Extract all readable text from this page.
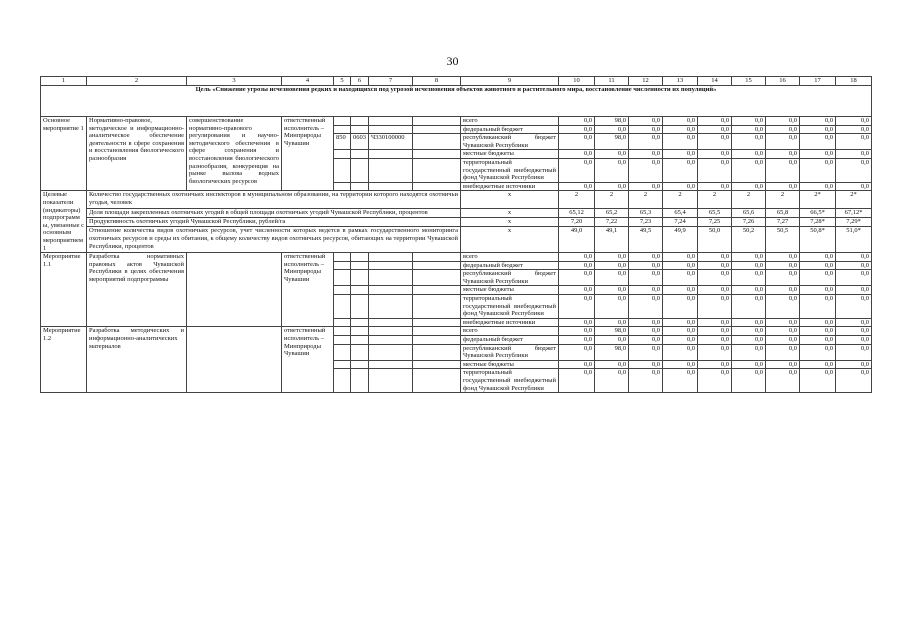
30
1	2	3	4	5	6	7	8	9	10	11	12	13	14	15	16	17	18
Цель «Снижение угрозы исчезновения редких и находящихся под угрозой исчезновения объектов животного и растительного мира, восстановление численности их популяций»																	
Основное мероприятие 1	Нормативно-правовое, методическое и информационно-аналитическое обеспечение деятельности в сфере сохранения и восстановления биологического разнообразия	совершенствование нормативно-правового регулирования и научно-методического обеспечения в сфере сохранения и восстановления биологического разнообразия, конкуренция на рынке вылова водных биологических ресурсов	ответственный исполнитель – Минприроды Чувашии					всего	0,0	98,0	0,0	0,0	0,0	0,0	0,0	0,0	0,0
								федеральный бюджет	0,0	0,0	0,0	0,0	0,0	0,0	0,0	0,0	0,0
				850	0603	Ч330100000		республиканский бюджет Чувашской Республики	0,0	98,0	0,0	0,0	0,0	0,0	0,0	0,0	0,0
								местные бюджеты	0,0	0,0	0,0	0,0	0,0	0,0	0,0	0,0	0,0
								территориальный государственный внебюджетный фонд Чувашской Республики	0,0	0,0	0,0	0,0	0,0	0,0	0,0	0,0	0,0
								внебюджетные источники	0,0	0,0	0,0	0,0	0,0	0,0	0,0	0,0	0,0
Целевые показатели (индикаторы) подпрограммы, увязанные с основным мероприятием 1	Количество государственных охотничьих инспекторов в муниципальном образовании, на территории которого находятся охотничьи угодья, человек							x	2	2	2	2	2	2	2	2*	2*
	Доля площади закрепленных охотничьих угодий в общей площади охотничьих угодий Чувашской Республики, процентов							x	65,12	65,2	65,3	65,4	65,5	65,6	65,8	66,5*	67,12*
	Продуктивность охотничьих угодий Чувашской Республики, рублей/га							x	7,20	7,22	7,23	7,24	7,25	7,26	7,27	7,28*	7,29*
	Отношение количества видов охотничьих ресурсов, учет численности которых ведется в рамках государственного мониторинга охотничьих ресурсов и среды их обитания, к общему количеству видов охотничьих ресурсов, обитающих на территории Чувашской Республики, процентов							x	49,0	49,1	49,5	49,9	50,0	50,2	50,5	50,8*	51,0*
Мероприятие 1.1	Разработка нормативных правовых актов Чувашской Республики в целях обеспечения мероприятий подпрограммы		ответственный исполнитель – Минприроды Чувашии					всего	0,0	0,0	0,0	0,0	0,0	0,0	0,0	0,0	0,0
								федеральный бюджет	0,0	0,0	0,0	0,0	0,0	0,0	0,0	0,0	0,0
								республиканский бюджет Чувашской Республики	0,0	0,0	0,0	0,0	0,0	0,0	0,0	0,0	0,0
								местные бюджеты	0,0	0,0	0,0	0,0	0,0	0,0	0,0	0,0	0,0
								территориальный государственный внебюджетный фонд Чувашской Республики	0,0	0,0	0,0	0,0	0,0	0,0	0,0	0,0	0,0
								внебюджетные источники	0,0	0,0	0,0	0,0	0,0	0,0	0,0	0,0	0,0
Мероприятие 1.2	Разработка методических и информационно-аналитических материалов		ответственный исполнитель – Минприроды Чувашии					всего	0,0	98,0	0,0	0,0	0,0	0,0	0,0	0,0	0,0
								федеральный бюджет	0,0	0,0	0,0	0,0	0,0	0,0	0,0	0,0	0,0
								республиканский бюджет Чувашской Республики	0,0	98,0	0,0	0,0	0,0	0,0	0,0	0,0	0,0
								местные бюджеты	0,0	0,0	0,0	0,0	0,0	0,0	0,0	0,0	0,0
								территориальный государственный внебюджетный фонд Чувашской Республики	0,0	0,0	0,0	0,0	0,0	0,0	0,0	0,0	0,0
